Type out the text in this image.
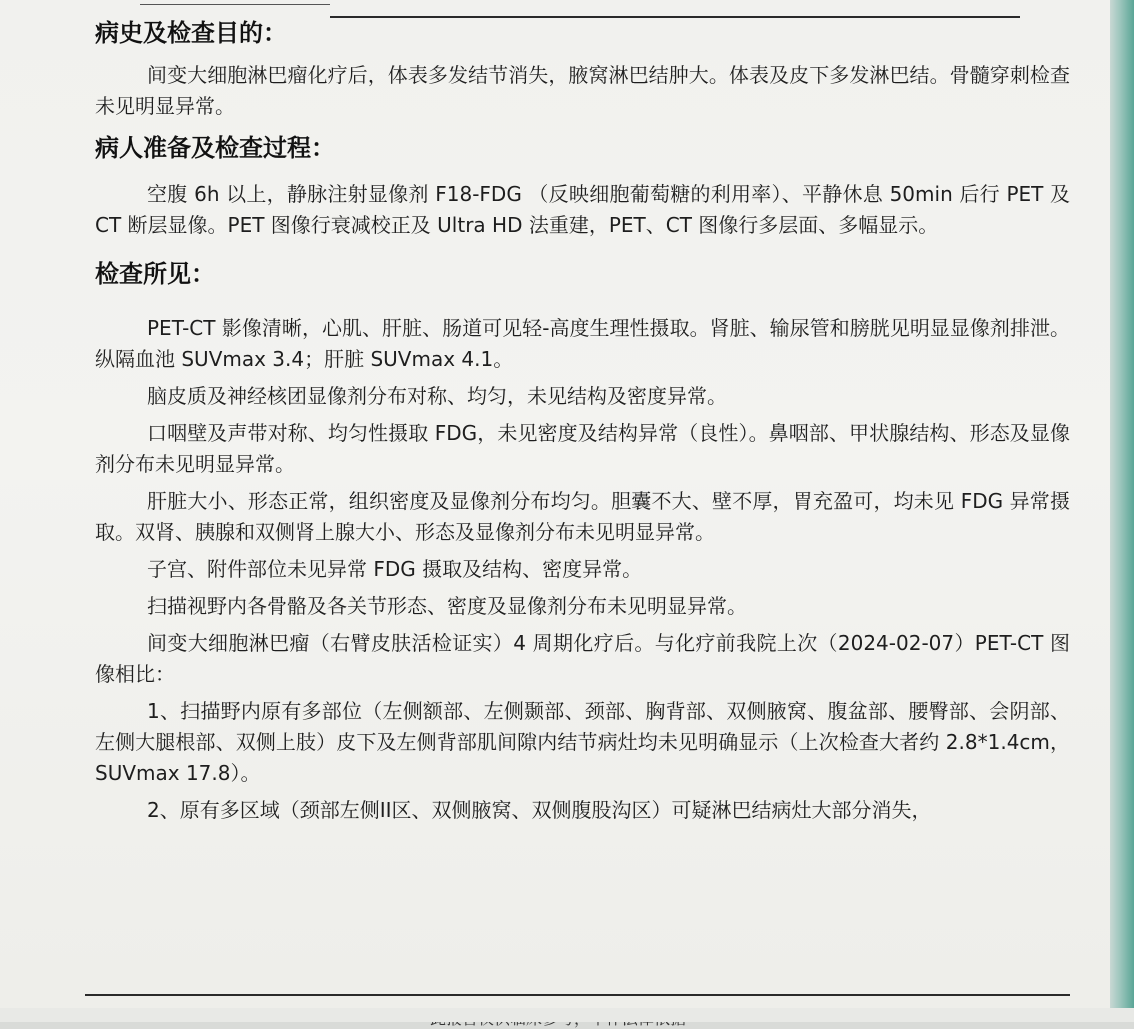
病史及检查目的：

间变大细胞淋巴瘤化疗后，体表多发结节消失，腋窝淋巴结肿大。体表及皮下多发淋巴结。骨髓穿刺检查未见明显异常。

病人准备及检查过程：

空腹 6h 以上，静脉注射显像剂 F18-FDG （反映细胞葡萄糖的利用率）、平静休息 50min 后行 PET 及 CT 断层显像。PET 图像行衰减校正及 Ultra HD 法重建，PET、CT 图像行多层面、多幅显示。

检查所见：

PET-CT 影像清晰，心肌、肝脏、肠道可见轻-高度生理性摄取。肾脏、输尿管和膀胱见明显显像剂排泄。纵隔血池 SUVmax 3.4；肝脏 SUVmax 4.1。

脑皮质及神经核团显像剂分布对称、均匀，未见结构及密度异常。

口咽壁及声带对称、均匀性摄取 FDG，未见密度及结构异常（良性）。鼻咽部、甲状腺结构、形态及显像剂分布未见明显异常。

肝脏大小、形态正常，组织密度及显像剂分布均匀。胆囊不大、壁不厚，胃充盈可，均未见 FDG 异常摄取。双肾、胰腺和双侧肾上腺大小、形态及显像剂分布未见明显异常。

子宫、附件部位未见异常 FDG 摄取及结构、密度异常。

扫描视野内各骨骼及各关节形态、密度及显像剂分布未见明显异常。

间变大细胞淋巴瘤（右臂皮肤活检证实）4 周期化疗后。与化疗前我院上次（2024-02-07）PET-CT 图像相比：

1、扫描野内原有多部位（左侧额部、左侧颞部、颈部、胸背部、双侧腋窝、腹盆部、腰臀部、会阴部、左侧大腿根部、双侧上肢）皮下及左侧背部肌间隙内结节病灶均未见明确显示（上次检查大者约 2.8*1.4cm，SUVmax 17.8）。

2、原有多区域（颈部左侧II区、双侧腋窝、双侧腹股沟区）可疑淋巴结病灶大部分消失，
